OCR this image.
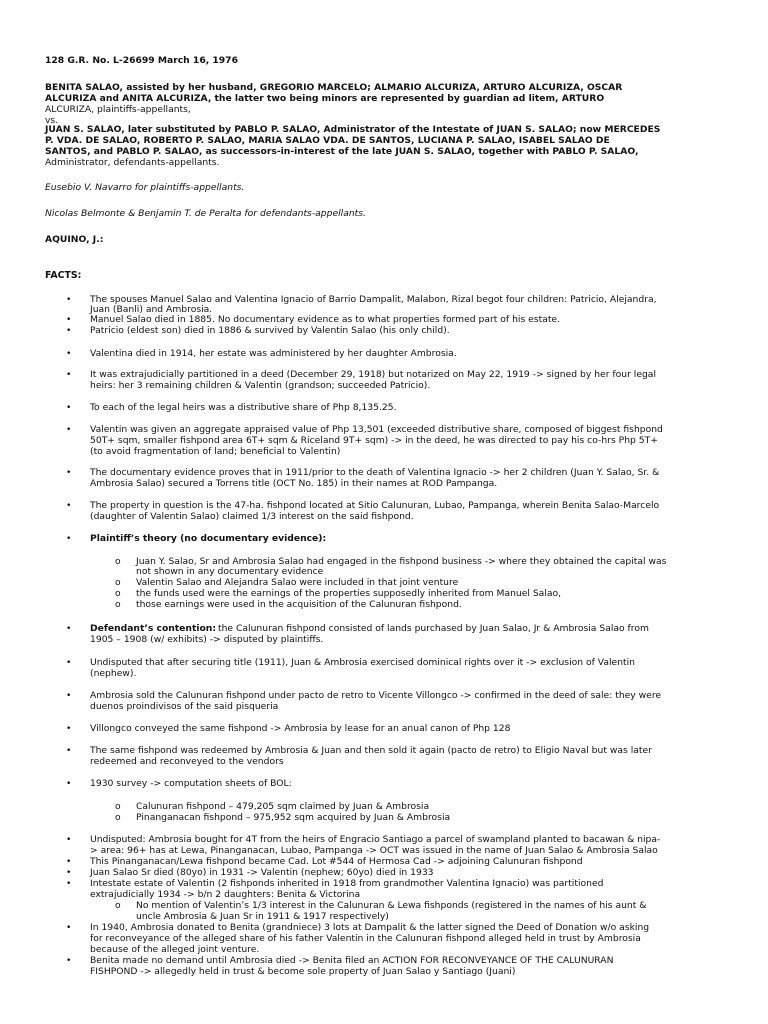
128 G.R. No. L-26699 March 16, 1976
BENITA SALAO, assisted by her husband, GREGORIO MARCELO; ALMARIO ALCURIZA, ARTURO ALCURIZA, OSCAR
ALCURIZA and ANITA ALCURIZA, the latter two being minors are represented by guardian ad litem, ARTURO
ALCURIZA, plaintiffs-appellants,
vs.
JUAN S. SALAO, later substituted by PABLO P. SALAO, Administrator of the Intestate of JUAN S. SALAO; now MERCEDES
P. VDA. DE SALAO, ROBERTO P. SALAO, MARIA SALAO VDA. DE SANTOS, LUCIANA P. SALAO, ISABEL SALAO DE
SANTOS, and PABLO P. SALAO, as successors-in-interest of the late JUAN S. SALAO, together with PABLO P. SALAO,
Administrator, defendants-appellants.
Eusebio V. Navarro for plaintiffs-appellants.
Nicolas Belmonte & Benjamin T. de Peralta for defendants-appellants.
AQUINO, J.:
FACTS:
• The spouses Manuel Salao and Valentina Ignacio of Barrio Dampalit, Malabon, Rizal begot four children: Patricio, Alejandra,
Juan (Banli) and Ambrosia.
• Manuel Salao died in 1885. No documentary evidence as to what properties formed part of his estate.
• Patricio (eldest son) died in 1886 & survived by Valentin Salao (his only child).
• Valentina died in 1914, her estate was administered by her daughter Ambrosia.
• It was extrajudicially partitioned in a deed (December 29, 1918) but notarized on May 22, 1919 -> signed by her four legal
heirs: her 3 remaining children & Valentin (grandson; succeeded Patricio).
• To each of the legal heirs was a distributive share of Php 8,135.25.
• Valentin was given an aggregate appraised value of Php 13,501 (exceeded distributive share, composed of biggest fishpond
50T+ sqm, smaller fishpond area 6T+ sqm & Riceland 9T+ sqm) -> in the deed, he was directed to pay his co-hrs Php 5T+
(to avoid fragmentation of land; beneficial to Valentin)
• The documentary evidence proves that in 1911/prior to the death of Valentina Ignacio -> her 2 children (Juan Y. Salao, Sr. &
Ambrosia Salao) secured a Torrens title (OCT No. 185) in their names at ROD Pampanga.
• The property in question is the 47-ha. fishpond located at Sitio Calunuran, Lubao, Pampanga, wherein Benita Salao-Marcelo
(daughter of Valentin Salao) claimed 1/3 interest on the said fishpond.
• Plaintiff’s theory (no documentary evidence):
o Juan Y. Salao, Sr and Ambrosia Salao had engaged in the fishpond business -> where they obtained the capital was
not shown in any documentary evidence
o Valentin Salao and Alejandra Salao were included in that joint venture
o the funds used were the earnings of the properties supposedly inherited from Manuel Salao,
o those earnings were used in the acquisition of the Calunuran fishpond.
• Defendant’s contention: the Calunuran fishpond consisted of lands purchased by Juan Salao, Jr & Ambrosia Salao from
1905 – 1908 (w/ exhibits) -> disputed by plaintiffs.
• Undisputed that after securing title (1911), Juan & Ambrosia exercised dominical rights over it -> exclusion of Valentin
(nephew).
• Ambrosia sold the Calunuran fishpond under pacto de retro to Vicente Villongco -> confirmed in the deed of sale: they were
duenos proindivisos of the said pisqueria
• Villongco conveyed the same fishpond -> Ambrosia by lease for an anual canon of Php 128
• The same fishpond was redeemed by Ambrosia & Juan and then sold it again (pacto de retro) to Eligio Naval but was later
redeemed and reconveyed to the vendors
• 1930 survey -> computation sheets of BOL:
o Calunuran fishpond – 479,205 sqm claimed by Juan & Ambrosia
o Pinanganacan fishpond – 975,952 sqm acquired by Juan & Ambrosia
• Undisputed: Ambrosia bought for 4T from the heirs of Engracio Santiago a parcel of swampland planted to bacawan & nipa-
> area: 96+ has at Lewa, Pinanganacan, Lubao, Pampanga -> OCT was issued in the name of Juan Salao & Ambrosia Salao
• This Pinanganacan/Lewa fishpond became Cad. Lot #544 of Hermosa Cad -> adjoining Calunuran fishpond
• Juan Salao Sr died (80yo) in 1931 -> Valentin (nephew; 60yo) died in 1933
• Intestate estate of Valentin (2 fishponds inherited in 1918 from grandmother Valentina Ignacio) was partitioned
extrajudicially 1934 -> b/n 2 daughters: Benita & Victorina
o No mention of Valentin’s 1/3 interest in the Calunuran & Lewa fishponds (registered in the names of his aunt &
uncle Ambrosia & Juan Sr in 1911 & 1917 respectively)
• In 1940, Ambrosia donated to Benita (grandniece) 3 lots at Dampalit & the latter signed the Deed of Donation w/o asking
for reconveyance of the alleged share of his father Valentin in the Calunuran fishpond alleged held in trust by Ambrosia
because of the alleged joint venture.
• Benita made no demand until Ambrosia died -> Benita filed an ACTION FOR RECONVEYANCE OF THE CALUNURAN
FISHPOND -> allegedly held in trust & become sole property of Juan Salao y Santiago (Juani)
